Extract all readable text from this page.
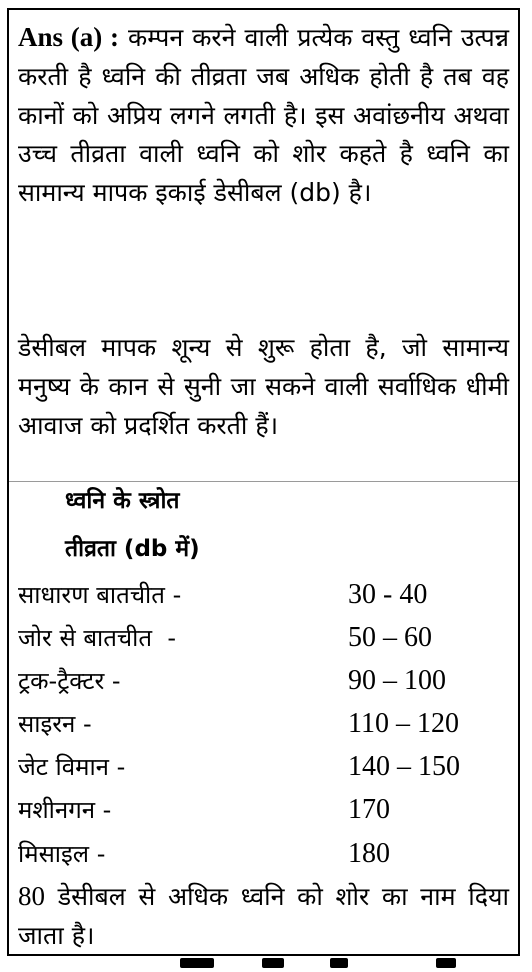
Ans (a) : कम्पन करने वाली प्रत्येक वस्तु ध्वनि उत्पन्न करती है ध्वनि की तीव्रता जब अधिक होती है तब वह कानों को अप्रिय लगने लगती है। इस अवांछनीय अथवा उच्च तीव्रता वाली ध्वनि को शोर कहते है ध्वनि का सामान्य मापक इकाई डेसीबल (db) है।

डेसीबल मापक शून्य से शुरू होता है, जो सामान्य मनुष्य के कान से सुनी जा सकने वाली सर्वाधिक धीमी आवाज को प्रदर्शित करती हैं।

ध्वनि के स्त्रोत
तीव्रता (db में)
साधारण बातचीत -	30 - 40
जोर से बातचीत  -	50 – 60
ट्रक-ट्रैक्टर -	90 – 100
साइरन -	110 – 120
जेट विमान -	140 – 150
मशीनगन -	170
मिसाइल -	180

80 डेसीबल से अधिक ध्वनि को शोर का नाम दिया जाता है।
